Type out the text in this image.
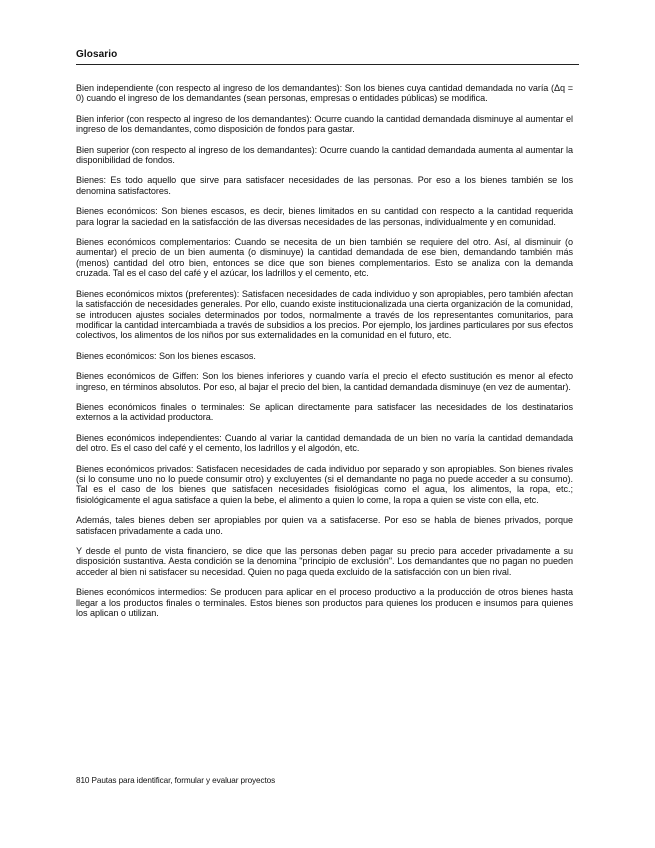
Glosario

Bien independiente (con respecto al ingreso de los demandantes): Son los bienes cuya cantidad demandada no varía (Δq = 0) cuando el ingreso de los demandantes (sean personas, empresas o entidades públicas) se modifica.

Bien inferior (con respecto al ingreso de los demandantes): Ocurre cuando la cantidad demandada disminuye al aumentar el ingreso de los demandantes, como disposición de fondos para gastar.

Bien superior (con respecto al ingreso de los demandantes): Ocurre cuando la cantidad demandada aumenta al aumentar la disponibilidad de fondos.

Bienes: Es todo aquello que sirve para satisfacer necesidades de las personas. Por eso a los bienes también se los denomina satisfactores.

Bienes económicos: Son bienes escasos, es decir, bienes limitados en su cantidad con respecto a la cantidad requerida para lograr la saciedad en la satisfacción de las diversas necesidades de las personas, individualmente y en comunidad.

Bienes económicos complementarios: Cuando se necesita de un bien también se requiere del otro. Así, al disminuir (o aumentar) el precio de un bien aumenta (o disminuye) la cantidad demandada de ese bien, demandando también más (menos) cantidad del otro bien, entonces se dice que son bienes complementarios. Esto se analiza con la demanda cruzada. Tal es el caso del café y el azúcar, los ladrillos y el cemento, etc.

Bienes económicos mixtos (preferentes): Satisfacen necesidades de cada individuo y son apropiables, pero también afectan la satisfacción de necesidades generales. Por ello, cuando existe institucionalizada una cierta organización de la comunidad, se introducen ajustes sociales determinados por todos, normalmente a través de los representantes comunitarios, para modificar la cantidad intercambiada a través de subsidios a los precios. Por ejemplo, los jardines particulares por sus efectos colectivos, los alimentos de los niños por sus externalidades en la comunidad en el futuro, etc.

Bienes económicos: Son los bienes escasos.

Bienes económicos de Giffen: Son los bienes inferiores y cuando varía el precio el efecto sustitución es menor al efecto ingreso, en términos absolutos. Por eso, al bajar el precio del bien, la cantidad demandada disminuye (en vez de aumentar).

Bienes económicos finales o terminales: Se aplican directamente para satisfacer las necesidades de los destinatarios externos a la actividad productora.

Bienes económicos independientes: Cuando al variar la cantidad demandada de un bien no varía la cantidad demandada del otro. Es el caso del café y el cemento, los ladrillos y el algodón, etc.

Bienes económicos privados: Satisfacen necesidades de cada individuo por separado y son apropiables. Son bienes rivales (si lo consume uno no lo puede consumir otro) y excluyentes (si el demandante no paga no puede acceder a su consumo). Tal es el caso de los bienes que satisfacen necesidades fisiológicas como el agua, los alimentos, la ropa, etc.; fisiológicamente el agua satisface a quien la bebe, el alimento a quien lo come, la ropa a quien se viste con ella, etc.

Además, tales bienes deben ser apropiables por quien va a satisfacerse. Por eso se habla de bienes privados, porque satisfacen privadamente a cada uno.

Y desde el punto de vista financiero, se dice que las personas deben pagar su precio para acceder privadamente a su disposición sustantiva. Aesta condición se la denomina "principio de exclusión". Los demandantes que no pagan no pueden acceder al bien ni satisfacer su necesidad. Quien no paga queda excluido de la satisfacción con un bien rival.

Bienes económicos intermedios: Se producen para aplicar en el proceso productivo a la producción de otros bienes hasta llegar a los productos finales o terminales. Estos bienes son productos para quienes los producen e insumos para quienes los aplican o utilizan.

810 Pautas para identificar, formular y evaluar proyectos
